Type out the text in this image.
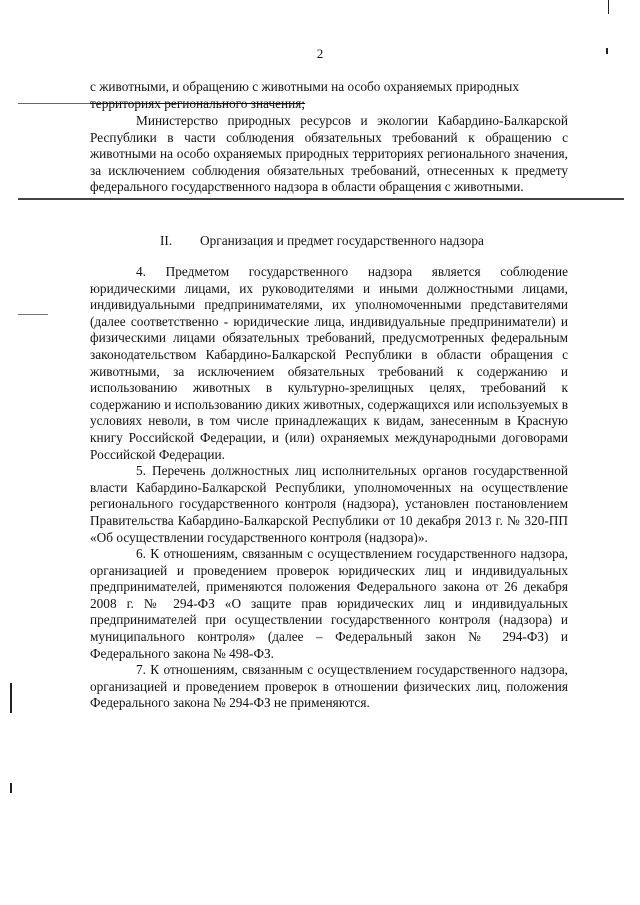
2

с животными, и обращению с животными на особо охраняемых природных

территориях регионального значения;

Министерство природных ресурсов и экологии Кабардино-Балкарской Республики в части соблюдения обязательных требований к обращению с животными на особо охраняемых природных территориях регионального значения, за исключением соблюдения обязательных требований, отнесенных к предмету федерального государственного надзора в области обращения с животными.

II. Организация и предмет государственного надзора

4. Предметом государственного надзора является соблюдение юридическими лицами, их руководителями и иными должностными лицами, индивидуальными предпринимателями, их уполномоченными представителями (далее соответственно - юридические лица, индивидуальные предприниматели) и физическими лицами обязательных требований, предусмотренных федеральным законодательством Кабардино-Балкарской Республики в области обращения с животными, за исключением обязательных требований к содержанию и использованию животных в культурно-зрелищных целях, требований к содержанию и использованию диких животных, содержащихся или используемых в условиях неволи, в том числе принадлежащих к видам, занесенным в Красную книгу Российской Федерации, и (или) охраняемых международными договорами Российской Федерации.

5. Перечень должностных лиц исполнительных органов государственной власти Кабардино-Балкарской Республики, уполномоченных на осуществление регионального государственного контроля (надзора), установлен постановлением Правительства Кабардино-Балкарской Республики от 10 декабря 2013 г. № 320-ПП «Об осуществлении государственного контроля (надзора)».

6. К отношениям, связанным с осуществлением государственного надзора, организацией и проведением проверок юридических лиц и индивидуальных предпринимателей, применяются положения Федерального закона от 26 декабря 2008 г. № 294-ФЗ «О защите прав юридических лиц и индивидуальных предпринимателей при осуществлении государственного контроля (надзора) и муниципального контроля» (далее – Федеральный закон № 294-ФЗ) и Федерального закона № 498-ФЗ.

7. К отношениям, связанным с осуществлением государственного надзора, организацией и проведением проверок в отношении физических лиц, положения Федерального закона № 294-ФЗ не применяются.
